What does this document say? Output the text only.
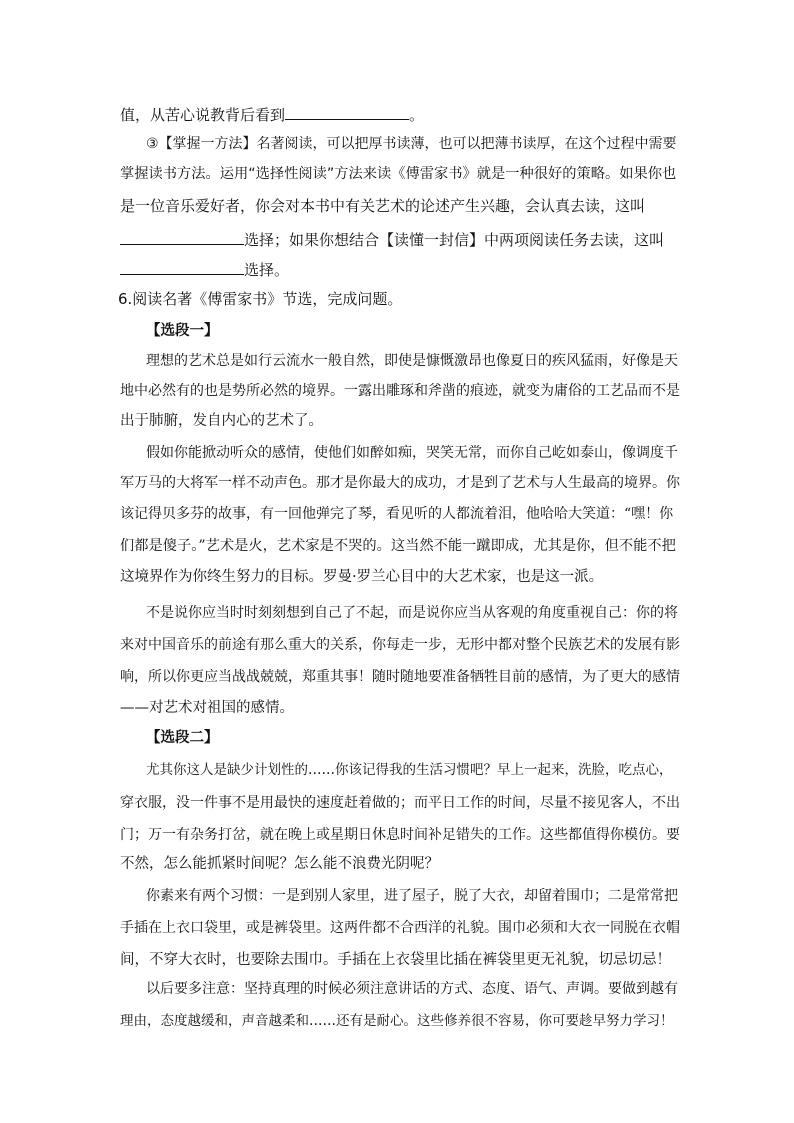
值，从苦心说教背后看到	。
③【掌握一方法】名著阅读，可以把厚书读薄，也可以把薄书读厚，在这个过程中需要
掌握读书方法。运用“选择性阅读”方法来读《傅雷家书》就是一种很好的策略。如果你也
是一位音乐爱好者，你会对本书中有关艺术的论述产生兴趣，会认真去读，这叫
选择；如果你想结合【读懂一封信】中两项阅读任务去读，这叫
选择。
6.阅读名著《傅雷家书》节选，完成问题。
【选段一】
理想的艺术总是如行云流水一般自然，即使是慷慨激昂也像夏日的疾风猛雨，好像是天
地中必然有的也是势所必然的境界。一露出雕琢和斧凿的痕迹，就变为庸俗的工艺品而不是
出于肺腑，发自内心的艺术了。
假如你能掀动听众的感情，使他们如醉如痴，哭笑无常，而你自己屹如泰山，像调度千
军万马的大将军一样不动声色。那才是你最大的成功，才是到了艺术与人生最高的境界。你
该记得贝多芬的故事，有一回他弹完了琴，看见听的人都流着泪，他哈哈大笑道：“嘿！你
们都是傻子。”艺术是火，艺术家是不哭的。这当然不能一蹴即成，尤其是你，但不能不把
这境界作为你终生努力的目标。罗曼·罗兰心目中的大艺术家，也是这一派。
不是说你应当时时刻刻想到自己了不起，而是说你应当从客观的角度重视自己：你的将
来对中国音乐的前途有那么重大的关系，你每走一步，无形中都对整个民族艺术的发展有影
响，所以你更应当战战兢兢，郑重其事！随时随地要准备牺牲目前的感情，为了更大的感情
——对艺术对祖国的感情。
【选段二】
尤其你这人是缺少计划性的……你该记得我的生活习惯吧？早上一起来，洗脸，吃点心，
穿衣服，没一件事不是用最快的速度赶着做的；而平日工作的时间，尽量不接见客人，不出
门；万一有杂务打岔，就在晚上或星期日休息时间补足错失的工作。这些都值得你模仿。要
不然，怎么能抓紧时间呢？怎么能不浪费光阴呢？
你素来有两个习惯：一是到别人家里，进了屋子，脱了大衣，却留着围巾；二是常常把
手插在上衣口袋里，或是裤袋里。这两件都不合西洋的礼貌。围巾必须和大衣一同脱在衣帽
间，不穿大衣时，也要除去围巾。手插在上衣袋里比插在裤袋里更无礼貌，切忌切忌！
以后要多注意：坚持真理的时候必须注意讲话的方式、态度、语气、声调。要做到越有
理由，态度越缓和，声音越柔和……还有是耐心。这些修养很不容易，你可要趁早努力学习！
